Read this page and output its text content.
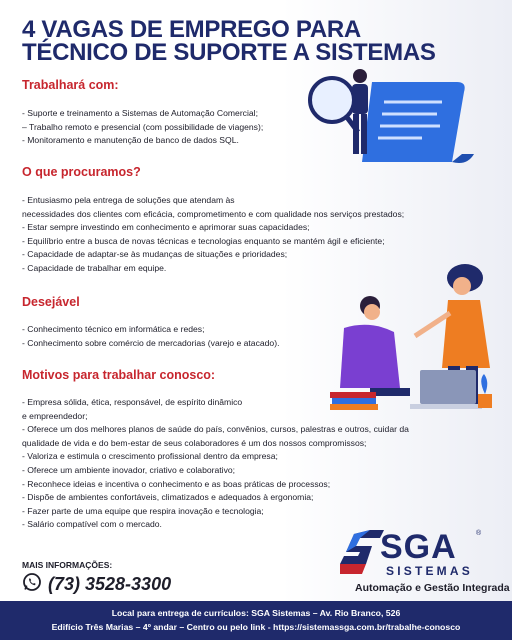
4 VAGAS DE EMPREGO PARA
TÉCNICO DE SUPORTE A SISTEMAS
Trabalhará com:
- Suporte e treinamento a Sistemas de Automação Comercial;
– Trabalho remoto e presencial (com possibilidade de viagens);
- Monitoramento e manutenção de banco de dados SQL.
O que procuramos?
- Entusiasmo pela entrega de soluções que atendam às
necessidades dos clientes com eficácia, comprometimento e com qualidade nos serviços prestados;
- Estar sempre investindo em conhecimento e aprimorar suas capacidades;
- Equilíbrio entre a busca de novas técnicas e tecnologias enquanto se mantém ágil e eficiente;
- Capacidade de adaptar-se às mudanças de situações e prioridades;
- Capacidade de trabalhar em equipe.
Desejável
- Conhecimento técnico em informática e redes;
- Conhecimento sobre comércio de mercadorias (varejo e atacado).
Motivos para trabalhar conosco:
- Empresa sólida, ética, responsável, de espírito dinâmico
e empreendedor;
- Oferece um dos melhores planos de saúde do país, convênios, cursos, palestras e outros, cuidar da
qualidade de vida e do bem-estar de seus colaboradores é um dos nossos compromissos;
- Valoriza e estimula o crescimento profissional dentro da empresa;
- Oferece um ambiente inovador, criativo e colaborativo;
- Reconhece ideias e incentiva o conhecimento e as boas práticas de processos;
- Dispõe de ambientes confortáveis, climatizados e adequados à ergonomia;
- Fazer parte de uma equipe que respira inovação e tecnologia;
- Salário compatível com o mercado.
MAIS INFORMAÇÕES:
(73) 3528-3300
SGA	®
SISTEMAS
Automação e Gestão Integrada
Local para entrega de currículos: SGA Sistemas – Av. Rio Branco, 526
Edifício Três Marias – 4º andar – Centro ou pelo link - https://sistemassga.com.br/trabalhe-conosco
